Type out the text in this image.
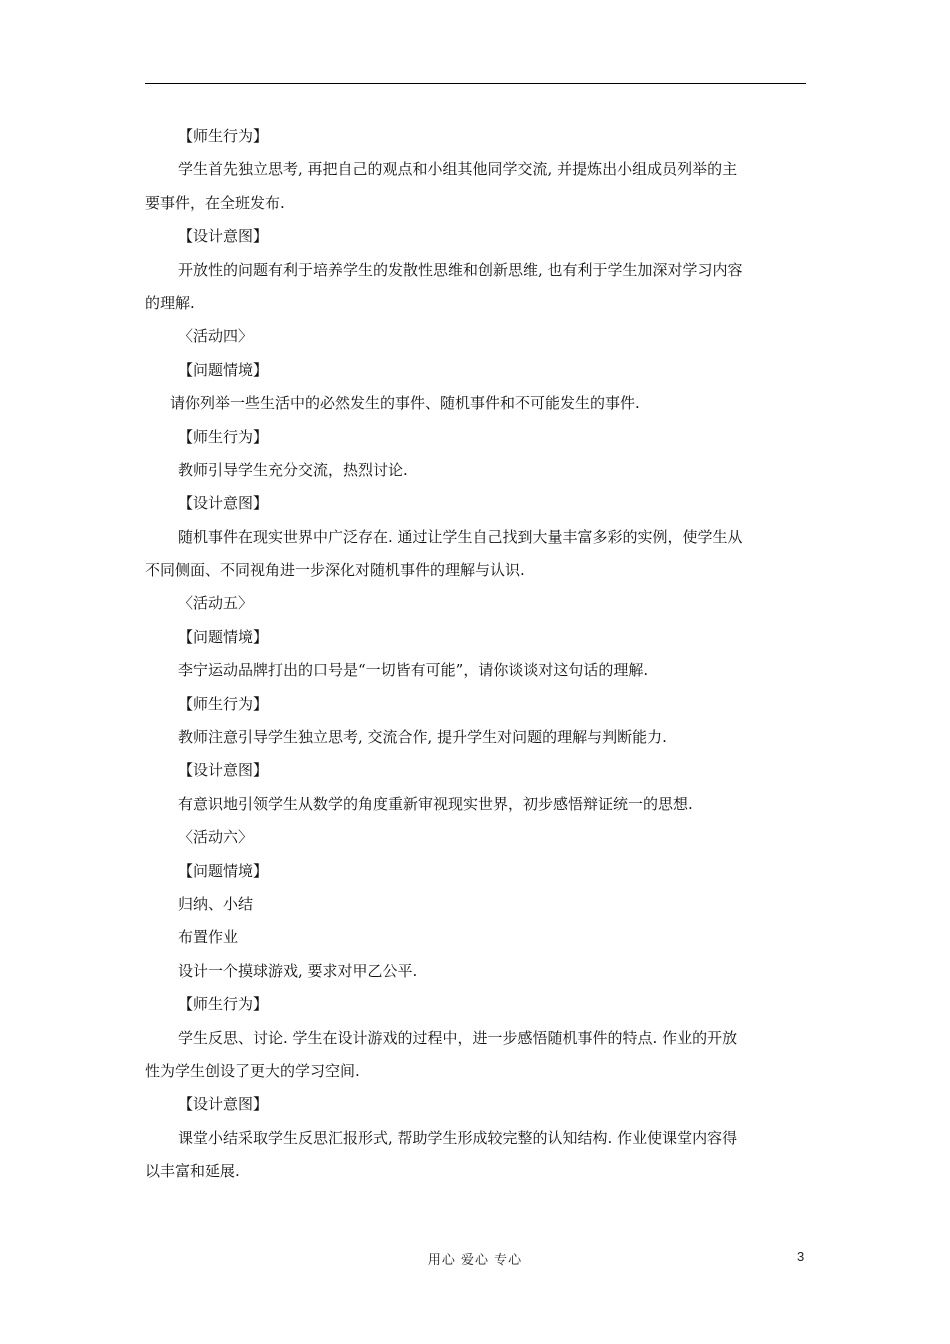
【师生行为】
学生首先独立思考, 再把自己的观点和小组其他同学交流, 并提炼出小组成员列举的主
要事件，在全班发布.
【设计意图】
开放性的问题有利于培养学生的发散性思维和创新思维, 也有利于学生加深对学习内容
的理解.
〈活动四〉
【问题情境】
请你列举一些生活中的必然发生的事件、随机事件和不可能发生的事件.
【师生行为】
教师引导学生充分交流，热烈讨论.
【设计意图】
随机事件在现实世界中广泛存在. 通过让学生自己找到大量丰富多彩的实例，使学生从
不同侧面、不同视角进一步深化对随机事件的理解与认识.
〈活动五〉
【问题情境】
李宁运动品牌打出的口号是“一切皆有可能”，请你谈谈对这句话的理解.
【师生行为】
教师注意引导学生独立思考, 交流合作, 提升学生对问题的理解与判断能力.
【设计意图】
有意识地引领学生从数学的角度重新审视现实世界，初步感悟辩证统一的思想.
〈活动六〉
【问题情境】
归纳、小结
布置作业
设计一个摸球游戏, 要求对甲乙公平.
【师生行为】
学生反思、讨论. 学生在设计游戏的过程中，进一步感悟随机事件的特点. 作业的开放
性为学生创设了更大的学习空间.
【设计意图】
课堂小结采取学生反思汇报形式, 帮助学生形成较完整的认知结构. 作业使课堂内容得
以丰富和延展.
用心 爱心 专心	3
